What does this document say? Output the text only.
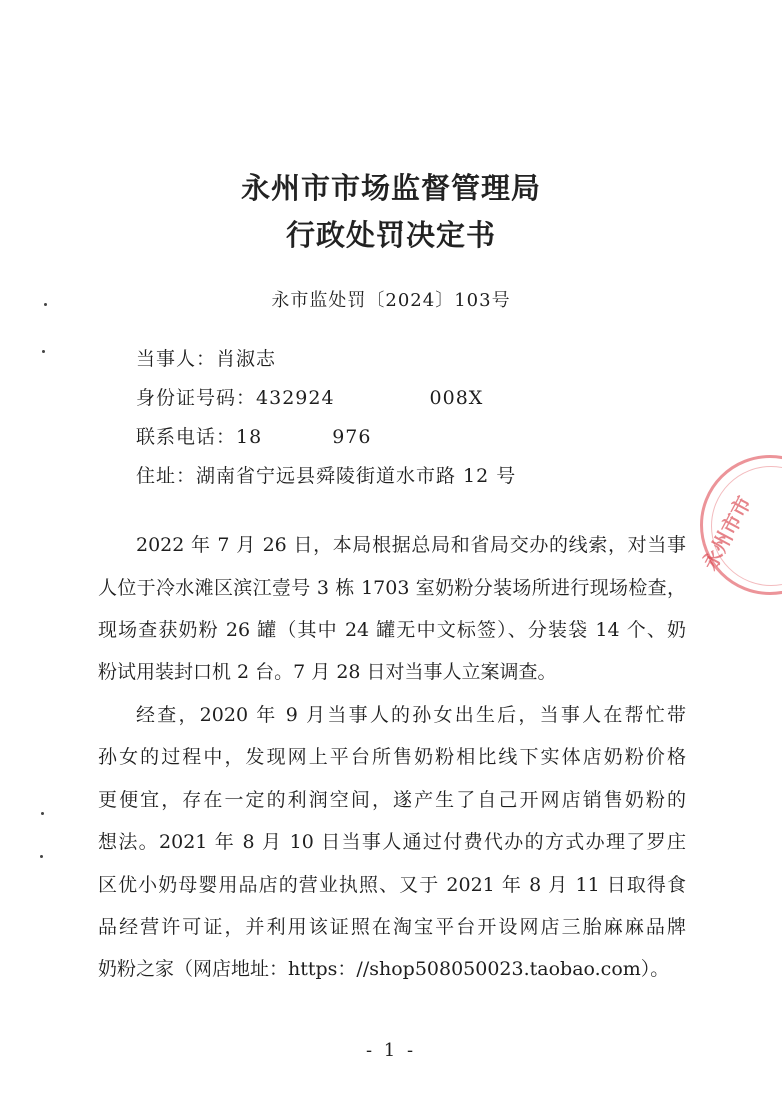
永州市市场监督管理局
行政处罚决定书
永市监处罚〔2024〕103号
当事人：肖淑志
身份证号码：432924	008X
联系电话：18	976
住址：湖南省宁远县舜陵街道水市路 12 号
2022 年 7 月 26 日，本局根据总局和省局交办的线索，对当事
人位于冷水滩区滨江壹号 3 栋 1703 室奶粉分装场所进行现场检查，
现场查获奶粉 26 罐（其中 24 罐无中文标签）、分装袋 14 个、奶
粉试用装封口机 2 台。7 月 28 日对当事人立案调查。
经查，2020 年 9 月当事人的孙女出生后，当事人在帮忙带
孙女的过程中，发现网上平台所售奶粉相比线下实体店奶粉价格
更便宜，存在一定的利润空间，遂产生了自己开网店销售奶粉的
想法。2021 年 8 月 10 日当事人通过付费代办的方式办理了罗庄
区优小奶母婴用品店的营业执照、又于 2021 年 8 月 11 日取得食
品经营许可证，并利用该证照在淘宝平台开设网店三胎麻麻品牌
奶粉之家（网店地址：https：//shop508050023.taobao.com）。
永州市市
- 1 -
